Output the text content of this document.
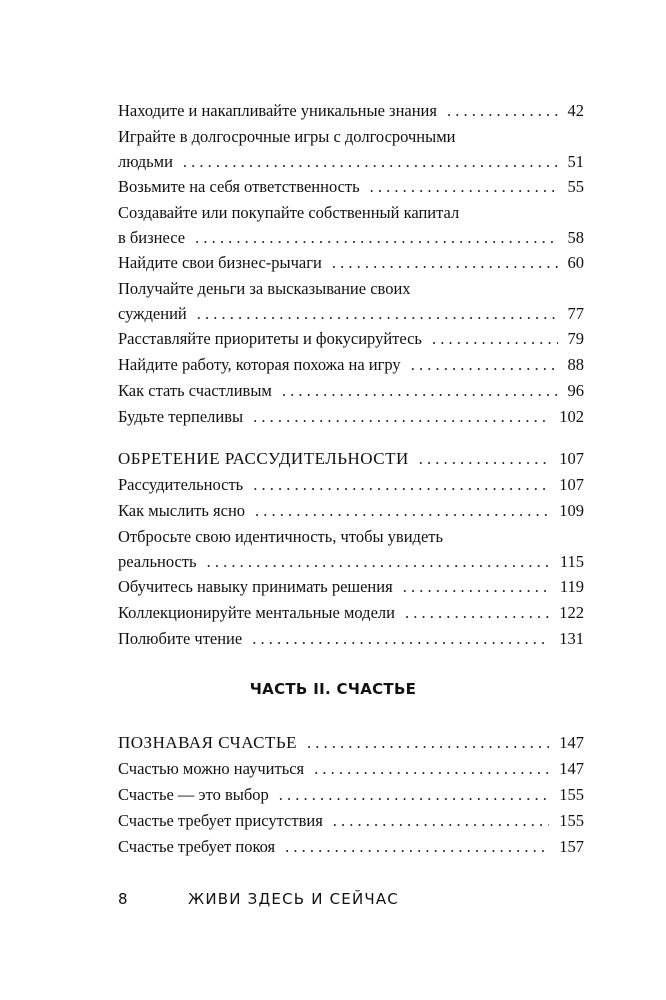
Находите и накапливайте уникальные знания . . .	42
Играйте в долгосрочные игры с долгосрочными
людьми . . .	51
Возьмите на себя ответственность . . .	55
Создавайте или покупайте собственный капитал
в бизнесе . . .	58
Найдите свои бизнес-рычаги . . .	60
Получайте деньги за высказывание своих
суждений . . .	77
Расставляйте приоритеты и фокусируйтесь . . .	79
Найдите работу, которая похожа на игру . . .	88
Как стать счастливым . . .	96
Будьте терпеливы . . .	102
ОБРЕТЕНИЕ РАССУДИТЕЛЬНОСТИ . . .	107
Рассудительность . . .	107
Как мыслить ясно . . .	109
Отбросьте свою идентичность, чтобы увидеть
реальность . . .	115
Обучитесь навыку принимать решения . . .	119
Коллекционируйте ментальные модели . . .	122
Полюбите чтение . . .	131
ЧАСТЬ II. СЧАСТЬЕ
ПОЗНАВАЯ СЧАСТЬЕ . . .	147
Счастью можно научиться . . .	147
Счастье — это выбор . . .	155
Счастье требует присутствия . . .	155
Счастье требует покоя . . .	157
8	ЖИВИ ЗДЕСЬ И СЕЙЧАС
